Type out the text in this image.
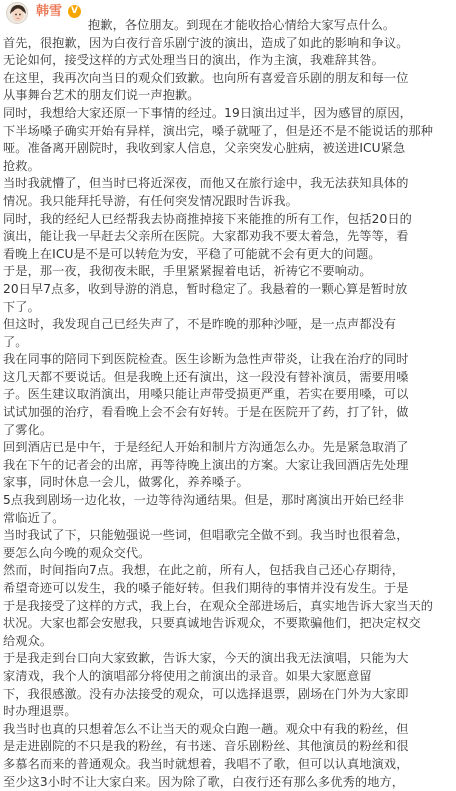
韩雪	V

抱歉，各位朋友。到现在才能收拾心情给大家写点什么。

首先，很抱歉，因为白夜行音乐剧宁波的演出，造成了如此的影响和争议。

无论如何，接受这样的方式处理当日的演出，作为主演，我难辞其咎。

在这里，我再次向当日的观众们致歉。也向所有喜爱音乐剧的朋友和每一位

从事舞台艺术的朋友们说一声抱歉。

同时，我想给大家还原一下事情的经过。19日演出过半，因为感冒的原因，

下半场嗓子确实开始有异样，演出完，嗓子就哑了，但是还不是不能说话的那种

哑。准备离开剧院时，我收到家人信息，父亲突发心脏病，被送进ICU紧急

抢救。

当时我就懵了，但当时已将近深夜，而他又在旅行途中，我无法获知具体的

情况。我只能拜托导游，有任何突发情况跟时告诉我。

同时，我的经纪人已经帮我去协商推掉接下来能推的所有工作，包括20日的

演出，能让我一早赶去父亲所在医院。大家都劝我不要太着急，先等等，看

看晚上在ICU是不是可以转危为安，平稳了可能就不会有更大的问题。

于是，那一夜，我彻夜未眠，手里紧紧握着电话，祈祷它不要响动。

20日早7点多，收到导游的消息，暂时稳定了。我悬着的一颗心算是暂时放

下了。

但这时，我发现自己已经失声了，不是昨晚的那种沙哑，是一点声都没有

了。

我在同事的陪同下到医院检查。医生诊断为急性声带炎，让我在治疗的同时

这几天都不要说话。但是我晚上还有演出，这一段没有替补演员，需要用嗓

子。医生建议取消演出，用嗓只能让声带受损更严重，若实在要用嗓，可以

试试加强的治疗，看看晚上会不会有好转。于是在医院开了药，打了针，做

了雾化。

回到酒店已是中午，于是经纪人开始和制片方沟通怎么办。先是紧急取消了

我在下午的记者会的出席，再等待晚上演出的方案。大家让我回酒店先处理

家事，同时休息一会儿，做雾化，养养嗓子。

5点我到剧场一边化妆，一边等待沟通结果。但是，那时离演出开始已经非

常临近了。

当时我试了下，只能勉强说一些词，但唱歌完全做不到。我当时也很着急，

要怎么向今晚的观众交代。

然而，时间指向7点。我想，在此之前，所有人，包括我自己还心存期待，

希望奇迹可以发生，我的嗓子能好转。但我们期待的事情并没有发生。于是

于是我接受了这样的方式，我上台，在观众全部进场后，真实地告诉大家当天的

状况。大家也都会安慰我，只要真诚地告诉观众，不要欺骗他们，把决定权交

给观众。

于是我走到台口向大家致歉，告诉大家，今天的演出我无法演唱，只能为大

家清戏，我个人的演唱部分将使用之前演出的录音。如果大家愿意留

下，我很感激。没有办法接受的观众，可以选择退票，剧场在门外为大家即

时办理退票。

我当时也真的只想着怎么不让当天的观众白跑一趟。观众中有我的粉丝，但

是走进剧院的不只是我的粉丝，有书迷、音乐剧粉丝、其他演员的粉丝和很

多慕名而来的普通观众。我当时就想着，我唱不了歌，但可以认真地演戏，

至少这3小时不让大家白来。因为除了歌，白夜行还有那么多优秀的地方，
